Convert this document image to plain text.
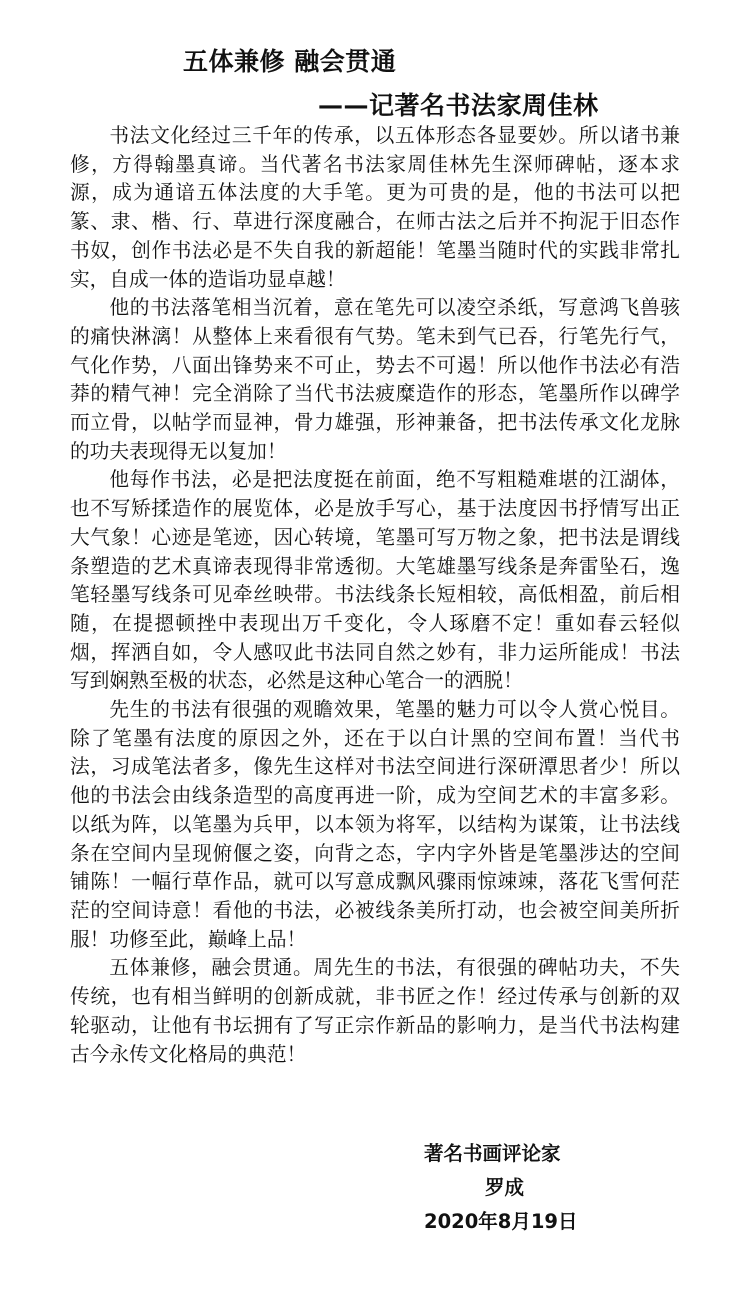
五体兼修 融会贯通
——记著名书法家周佳林

书法文化经过三千年的传承，以五体形态各显要妙。所以诸书兼修，方得翰墨真谛。当代著名书法家周佳林先生深师碑帖，逐本求源，成为通谙五体法度的大手笔。更为可贵的是，他的书法可以把篆、隶、楷、行、草进行深度融合，在师古法之后并不拘泥于旧态作书奴，创作书法必是不失自我的新超能！笔墨当随时代的实践非常扎实，自成一体的造诣功显卓越！

他的书法落笔相当沉着，意在笔先可以凌空杀纸，写意鸿飞兽骇的痛快淋漓！从整体上来看很有气势。笔未到气已吞，行笔先行气，气化作势，八面出锋势来不可止，势去不可遏！所以他作书法必有浩莽的精气神！完全消除了当代书法疲糜造作的形态，笔墨所作以碑学而立骨，以帖学而显神，骨力雄强，形神兼备，把书法传承文化龙脉的功夫表现得无以复加！

他每作书法，必是把法度挺在前面，绝不写粗糙难堪的江湖体，也不写矫揉造作的展览体，必是放手写心，基于法度因书抒情写出正大气象！心迹是笔迹，因心转境，笔墨可写万物之象，把书法是谓线条塑造的艺术真谛表现得非常透彻。大笔雄墨写线条是奔雷坠石，逸笔轻墨写线条可见牵丝映带。书法线条长短相较，高低相盈，前后相随，在提摁顿挫中表现出万千变化，令人琢磨不定！重如春云轻似烟，挥洒自如，令人感叹此书法同自然之妙有，非力运所能成！书法写到娴熟至极的状态，必然是这种心笔合一的洒脱！

先生的书法有很强的观瞻效果，笔墨的魅力可以令人赏心悦目。除了笔墨有法度的原因之外，还在于以白计黑的空间布置！当代书法，习成笔法者多，像先生这样对书法空间进行深研潭思者少！所以他的书法会由线条造型的高度再进一阶，成为空间艺术的丰富多彩。以纸为阵，以笔墨为兵甲，以本领为将军，以结构为谋策，让书法线条在空间内呈现俯偃之姿，向背之态，字内字外皆是笔墨涉达的空间铺陈！一幅行草作品，就可以写意成飘风骤雨惊竦竦，落花飞雪何茫茫的空间诗意！看他的书法，必被线条美所打动，也会被空间美所折服！功修至此，巅峰上品！

五体兼修，融会贯通。周先生的书法，有很强的碑帖功夫，不失传统，也有相当鲜明的创新成就，非书匠之作！经过传承与创新的双轮驱动，让他有书坛拥有了写正宗作新品的影响力，是当代书法构建古今永传文化格局的典范！

著名书画评论家
罗成
2020年8月19日
